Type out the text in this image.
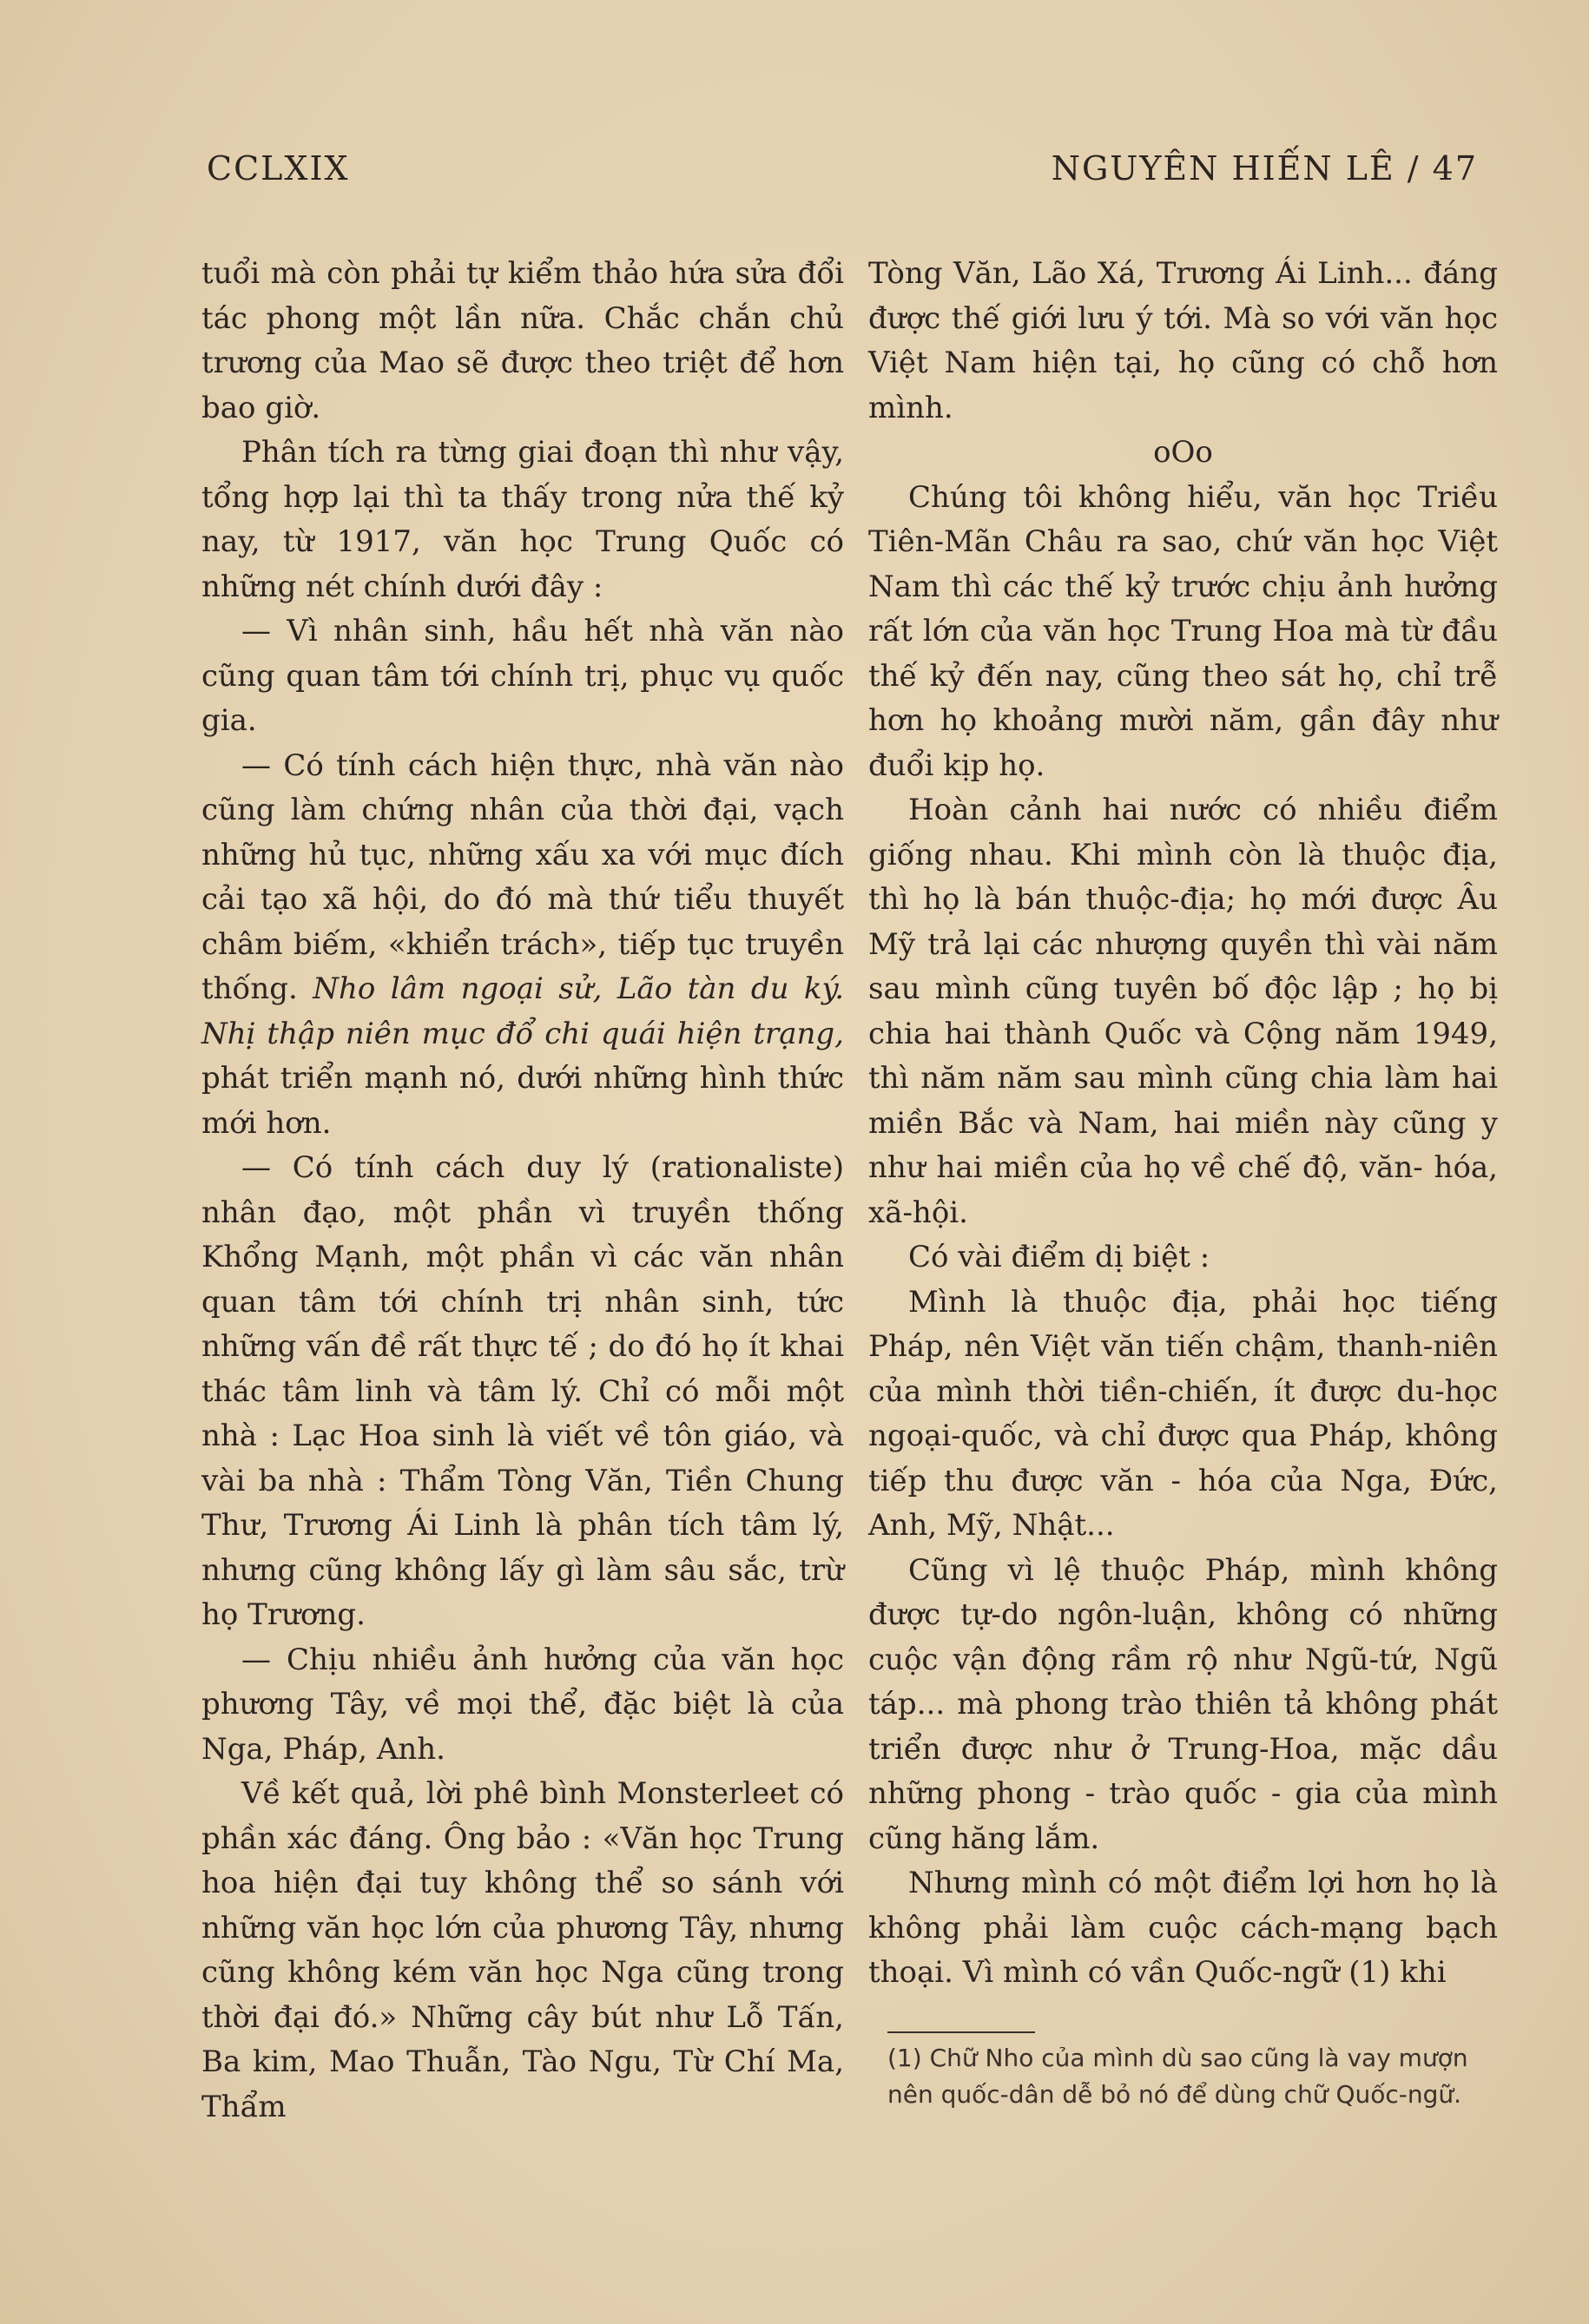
CCLXIX	NGUYÊN HIẾN LÊ / 47

tuổi mà còn phải tự kiểm thảo hứa sửa đổi tác phong một lần nữa. Chắc chắn chủ trương của Mao sẽ được theo triệt để hơn bao giờ.

Phân tích ra từng giai đoạn thì như vậy, tổng hợp lại thì ta thấy trong nửa thế kỷ nay, từ 1917, văn học Trung Quốc có những nét chính dưới đây :

— Vì nhân sinh, hầu hết nhà văn nào cũng quan tâm tới chính trị, phục vụ quốc gia.

— Có tính cách hiện thực, nhà văn nào cũng làm chứng nhân của thời đại, vạch những hủ tục, những xấu xa với mục đích cải tạo xã hội, do đó mà thứ tiểu thuyết châm biếm, «khiển trách», tiếp tục truyền thống. Nho lâm ngoại sử, Lão tàn du ký. Nhị thập niên mục đổ chi quái hiện trạng, phát triển mạnh nó, dưới những hình thức mới hơn.

— Có tính cách duy lý (rationaliste) nhân đạo, một phần vì truyền thống Khổng Mạnh, một phần vì các văn nhân quan tâm tới chính trị nhân sinh, tức những vấn đề rất thực tế ; do đó họ ít khai thác tâm linh và tâm lý. Chỉ có mỗi một nhà : Lạc Hoa sinh là viết về tôn giáo, và vài ba nhà : Thẩm Tòng Văn, Tiền Chung Thư, Trương Ái Linh là phân tích tâm lý, nhưng cũng không lấy gì làm sâu sắc, trừ họ Trương.

— Chịu nhiều ảnh hưởng của văn học phương Tây, về mọi thể, đặc biệt là của Nga, Pháp, Anh.

Về kết quả, lời phê bình Monsterleet có phần xác đáng. Ông bảo : «Văn học Trung hoa hiện đại tuy không thể so sánh với những văn học lớn của phương Tây, nhưng cũng không kém văn học Nga cũng trong thời đại đó.» Những cây bút như Lỗ Tấn, Ba kim, Mao Thuẫn, Tào Ngu, Từ Chí Ma, Thẩm

Tòng Văn, Lão Xá, Trương Ái Linh... đáng được thế giới lưu ý tới. Mà so với văn học Việt Nam hiện tại, họ cũng có chỗ hơn mình.

oOo

Chúng tôi không hiểu, văn học Triều Tiên-Mãn Châu ra sao, chứ văn học Việt Nam thì các thế kỷ trước chịu ảnh hưởng rất lớn của văn học Trung Hoa mà từ đầu thế kỷ đến nay, cũng theo sát họ, chỉ trễ hơn họ khoảng mười năm, gần đây như đuổi kịp họ.

Hoàn cảnh hai nước có nhiều điểm giống nhau. Khi mình còn là thuộc địa, thì họ là bán thuộc-địa; họ mới được Âu Mỹ trả lại các nhượng quyền thì vài năm sau mình cũng tuyên bố độc lập ; họ bị chia hai thành Quốc và Cộng năm 1949, thì năm năm sau mình cũng chia làm hai miền Bắc và Nam, hai miền này cũng y như hai miền của họ về chế độ, văn- hóa, xã-hội.

Có vài điểm dị biệt :

Mình là thuộc địa, phải học tiếng Pháp, nên Việt văn tiến chậm, thanh-niên của mình thời tiền-chiến, ít được du-học ngoại-quốc, và chỉ được qua Pháp, không tiếp thu được văn - hóa của Nga, Đức, Anh, Mỹ, Nhật...

Cũng vì lệ thuộc Pháp, mình không được tự-do ngôn-luận, không có những cuộc vận động rầm rộ như Ngũ-tứ, Ngũ táp... mà phong trào thiên tả không phát triển được như ở Trung-Hoa, mặc dầu những phong - trào quốc - gia của mình cũng hăng lắm.

Nhưng mình có một điểm lợi hơn họ là không phải làm cuộc cách-mạng bạch thoại. Vì mình có vần Quốc-ngữ (1) khi

(1) Chữ Nho của mình dù sao cũng là vay mượn nên quốc-dân dễ bỏ nó để dùng chữ Quốc-ngữ.
